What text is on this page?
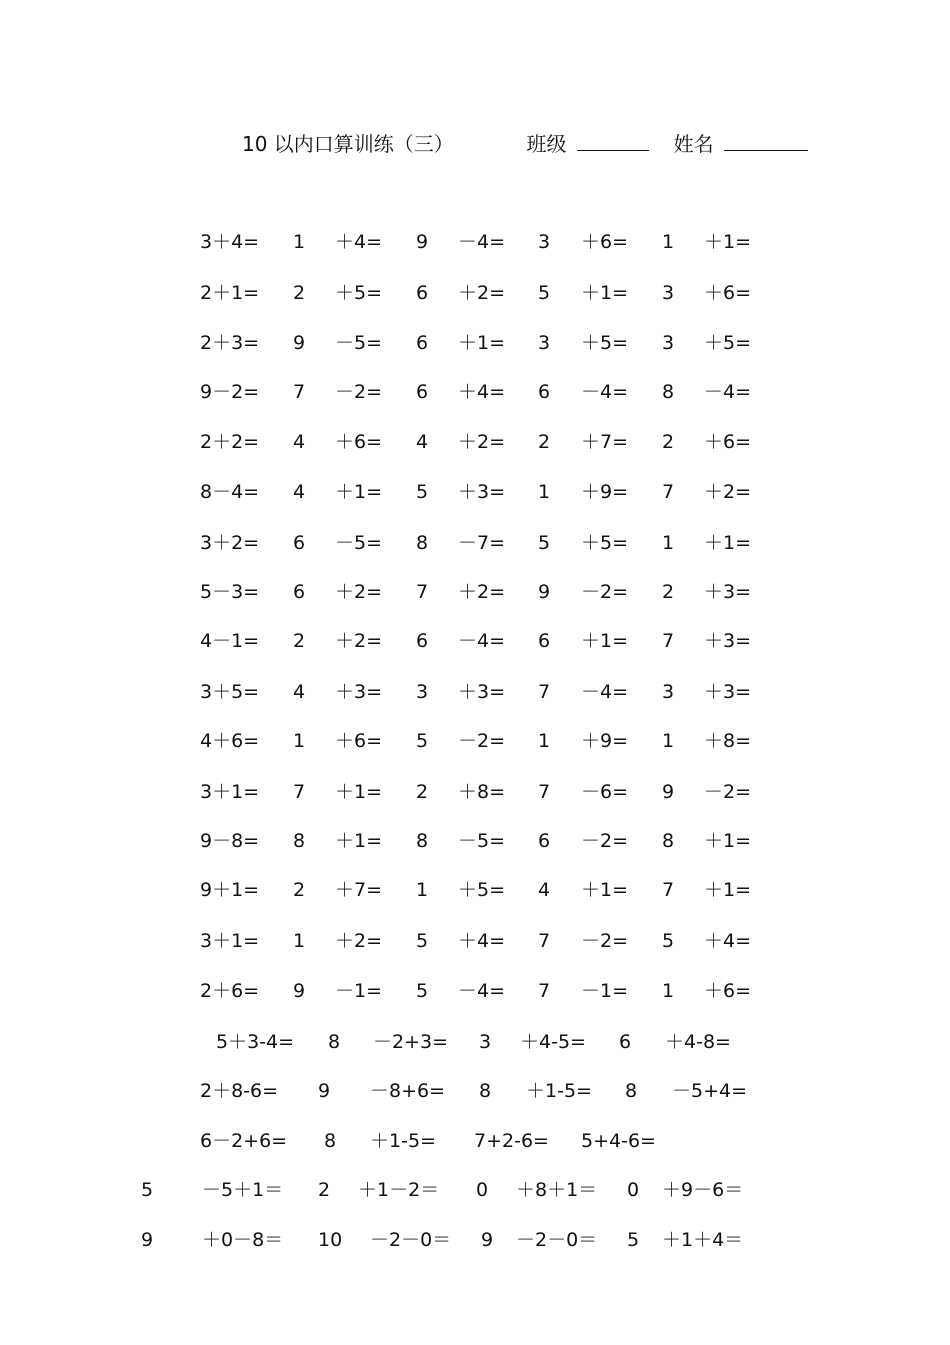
10 以内口算训练（三）	班级	姓名
3＋4= 1 ＋4= 9 －4= 3 ＋6= 1 ＋1=
2＋1= 2 ＋5= 6 ＋2= 5 ＋1= 3 ＋6=
2＋3= 9 －5= 6 ＋1= 3 ＋5= 3 ＋5=
9－2= 7 －2= 6 ＋4= 6 －4= 8 －4=
2＋2= 4 ＋6= 4 ＋2= 2 ＋7= 2 ＋6=
8－4= 4 ＋1= 5 ＋3= 1 ＋9= 7 ＋2=
3＋2= 6 －5= 8 －7= 5 ＋5= 1 ＋1=
5－3= 6 ＋2= 7 ＋2= 9 －2= 2 ＋3=
4－1= 2 ＋2= 6 －4= 6 ＋1= 7 ＋3=
3＋5= 4 ＋3= 3 ＋3= 7 －4= 3 ＋3=
4＋6= 1 ＋6= 5 －2= 1 ＋9= 1 ＋8=
3＋1= 7 ＋1= 2 ＋8= 7 －6= 9 －2=
9－8= 8 ＋1= 8 －5= 6 －2= 8 ＋1=
9＋1= 2 ＋7= 1 ＋5= 4 ＋1= 7 ＋1=
3＋1= 1 ＋2= 5 ＋4= 7 －2= 5 ＋4=
2＋6= 9 －1= 5 －4= 7 －1= 1 ＋6=
5＋3-4= 8 －2+3= 3 ＋4-5= 6 ＋4-8=
2＋8-6= 9 －8+6= 8 ＋1-5= 8 －5+4=
6－2+6= 8 ＋1-5= 7+2-6= 5+4-6=
5	－5＋1＝ 2 ＋1－2＝ 0 ＋8＋1＝ 0 ＋9－6＝
9	＋0－8＝ 10 －2－0＝ 9 －2－0＝ 5 ＋1＋4＝
